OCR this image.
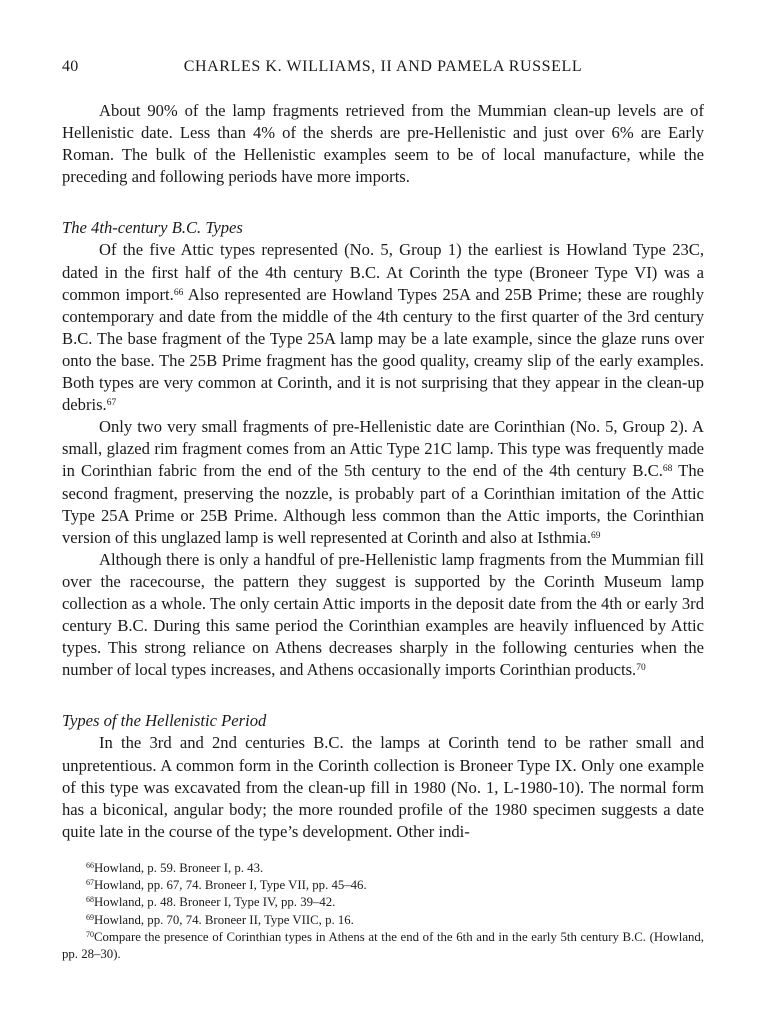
40	CHARLES K. WILLIAMS, II AND PAMELA RUSSELL

About 90% of the lamp fragments retrieved from the Mummian clean-up levels are of Hellenistic date. Less than 4% of the sherds are pre-Hellenistic and just over 6% are Early Roman. The bulk of the Hellenistic examples seem to be of local manufacture, while the preceding and following periods have more imports.

The 4th-century B.C. Types

Of the five Attic types represented (No. 5, Group 1) the earliest is Howland Type 23C, dated in the first half of the 4th century B.C. At Corinth the type (Broneer Type VI) was a common import.$^{66}$ Also represented are Howland Types 25A and 25B Prime; these are roughly contemporary and date from the middle of the 4th century to the first quarter of the 3rd century B.C. The base fragment of the Type 25A lamp may be a late example, since the glaze runs over onto the base. The 25B Prime fragment has the good quality, creamy slip of the early examples. Both types are very common at Corinth, and it is not surprising that they appear in the clean-up debris.$^{67}$

Only two very small fragments of pre-Hellenistic date are Corinthian (No. 5, Group 2). A small, glazed rim fragment comes from an Attic Type 21C lamp. This type was frequently made in Corinthian fabric from the end of the 5th century to the end of the 4th century B.C.$^{68}$ The second fragment, preserving the nozzle, is probably part of a Corinthian imitation of the Attic Type 25A Prime or 25B Prime. Although less common than the Attic imports, the Corinthian version of this unglazed lamp is well represented at Corinth and also at Isthmia.$^{69}$

Although there is only a handful of pre-Hellenistic lamp fragments from the Mummian fill over the racecourse, the pattern they suggest is supported by the Corinth Museum lamp collection as a whole. The only certain Attic imports in the deposit date from the 4th or early 3rd century B.C. During this same period the Corinthian examples are heavily influenced by Attic types. This strong reliance on Athens decreases sharply in the following centuries when the number of local types increases, and Athens occasionally imports Corinthian products.$^{70}$

Types of the Hellenistic Period

In the 3rd and 2nd centuries B.C. the lamps at Corinth tend to be rather small and unpretentious. A common form in the Corinth collection is Broneer Type IX. Only one example of this type was excavated from the clean-up fill in 1980 (No. 1, L-1980-10). The normal form has a biconical, angular body; the more rounded profile of the 1980 specimen suggests a date quite late in the course of the type’s development. Other indi-

$^{66}$Howland, p. 59. Broneer I, p. 43.

$^{67}$Howland, pp. 67, 74. Broneer I, Type VII, pp. 45–46.

$^{68}$Howland, p. 48. Broneer I, Type IV, pp. 39–42.

$^{69}$Howland, pp. 70, 74. Broneer II, Type VIIC, p. 16.

$^{70}$Compare the presence of Corinthian types in Athens at the end of the 6th and in the early 5th century B.C. (Howland, pp. 28–30).
